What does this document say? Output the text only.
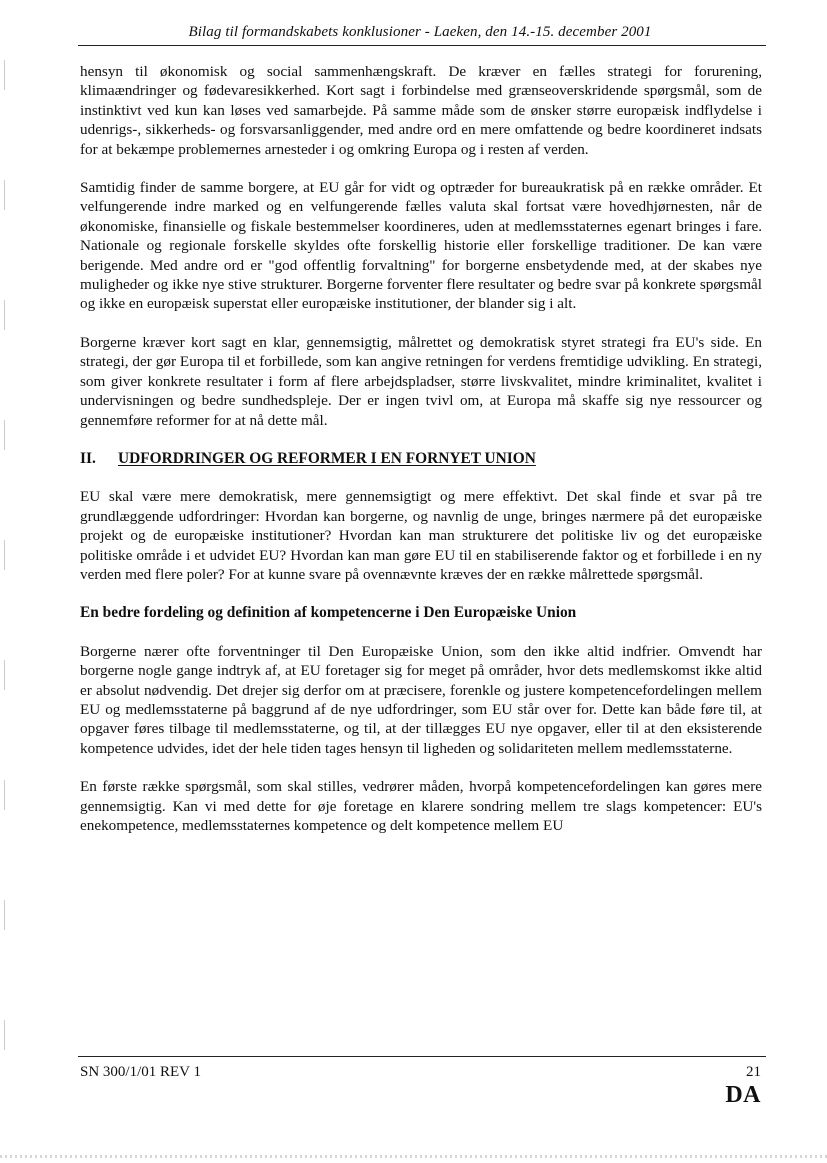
Bilag til formandskabets konklusioner - Laeken, den 14.-15. december 2001

hensyn til økonomisk og social sammenhængskraft. De kræver en fælles strategi for forurening, klimaændringer og fødevaresikkerhed. Kort sagt i forbindelse med grænseoverskridende spørgsmål, som de instinktivt ved kun kan løses ved samarbejde. På samme måde som de ønsker større europæisk indflydelse i udenrigs-, sikkerheds- og forsvarsanliggender, med andre ord en mere omfattende og bedre koordineret indsats for at bekæmpe problemernes arnesteder i og omkring Europa og i resten af verden.

Samtidig finder de samme borgere, at EU går for vidt og optræder for bureaukratisk på en række områder. Et velfungerende indre marked og en velfungerende fælles valuta skal fortsat være hovedhjørnesten, når de økonomiske, finansielle og fiskale bestemmelser koordineres, uden at medlemsstaternes egenart bringes i fare. Nationale og regionale forskelle skyldes ofte forskellig historie eller forskellige traditioner. De kan være berigende. Med andre ord er "god offentlig forvaltning" for borgerne ensbetydende med, at der skabes nye muligheder og ikke nye stive strukturer. Borgerne forventer flere resultater og bedre svar på konkrete spørgsmål og ikke en europæisk superstat eller europæiske institutioner, der blander sig i alt.

Borgerne kræver kort sagt en klar, gennemsigtig, målrettet og demokratisk styret strategi fra EU's side. En strategi, der gør Europa til et forbillede, som kan angive retningen for verdens fremtidige udvikling. En strategi, som giver konkrete resultater i form af flere arbejdspladser, større livskvalitet, mindre kriminalitet, kvalitet i undervisningen og bedre sundhedspleje. Der er ingen tvivl om, at Europa må skaffe sig nye ressourcer og gennemføre reformer for at nå dette mål.

II.	UDFORDRINGER OG REFORMER I EN FORNYET UNION

EU skal være mere demokratisk, mere gennemsigtigt og mere effektivt. Det skal finde et svar på tre grundlæggende udfordringer: Hvordan kan borgerne, og navnlig de unge, bringes nærmere på det europæiske projekt og de europæiske institutioner? Hvordan kan man strukturere det politiske liv og det europæiske politiske område i et udvidet EU? Hvordan kan man gøre EU til en stabiliserende faktor og et forbillede i en ny verden med flere poler? For at kunne svare på ovennævnte kræves der en række målrettede spørgsmål.

En bedre fordeling og definition af kompetencerne i Den Europæiske Union

Borgerne nærer ofte forventninger til Den Europæiske Union, som den ikke altid indfrier. Omvendt har borgerne nogle gange indtryk af, at EU foretager sig for meget på områder, hvor dets medlemskomst ikke altid er absolut nødvendig. Det drejer sig derfor om at præcisere, forenkle og justere kompetencefordelingen mellem EU og medlemsstaterne på baggrund af de nye udfordringer, som EU står over for. Dette kan både føre til, at opgaver føres tilbage til medlemsstaterne, og til, at der tillægges EU nye opgaver, eller til at den eksisterende kompetence udvides, idet der hele tiden tages hensyn til ligheden og solidariteten mellem medlemsstaterne.

En første række spørgsmål, som skal stilles, vedrører måden, hvorpå kompetencefordelingen kan gøres mere gennemsigtig. Kan vi med dette for øje foretage en klarere sondring mellem tre slags kompetencer: EU's enekompetence, medlemsstaternes kompetence og delt kompetence mellem EU

SN 300/1/01 REV 1	21
DA
